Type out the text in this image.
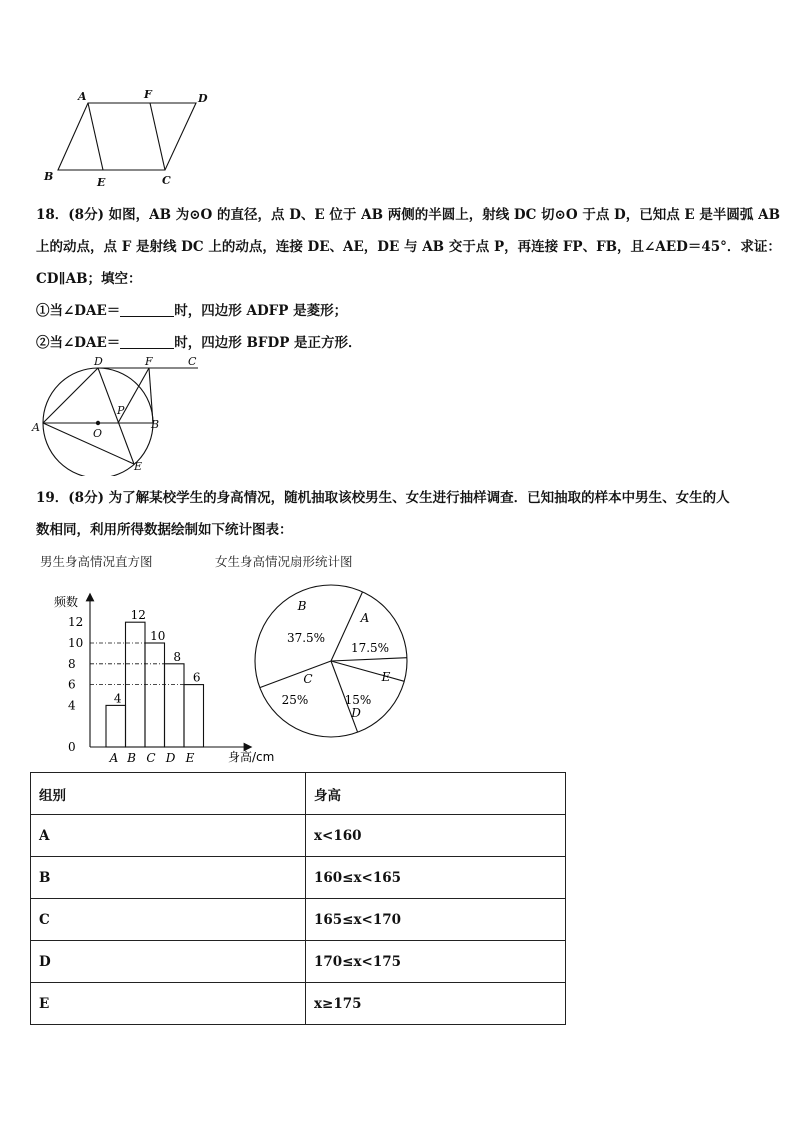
A	F	D
B	E	C
18．(8分) 如图，AB 为⊙O 的直径，点 D、E 位于 AB 两侧的半圆上，射线 DC 切⊙O 于点 D，已知点 E 是半圆弧 AB
上的动点，点 F 是射线 DC 上的动点，连接 DE、AE，DE 与 AB 交于点 P，再连接 FP、FB，且∠AED＝45°．求证：
CD∥AB；填空：
①当∠DAE＝	时，四边形 ADFP 是菱形；
②当∠DAE＝	时，四边形 BFDP 是正方形．
D	F	C
A
P
O
B
E
19．(8分) 为了解某校学生的身高情况，随机抽取该校男生、女生进行抽样调查．已知抽取的样本中男生、女生的人
数相同，利用所得数据绘制如下统计图表：
男生身高情况直方图	女生身高情况扇形统计图
频数
身高/cm
12
10
8
6
4
0
4
12
10
8
6
A B C D E
A
17.5%
B
37.5%
C
25%
D
15%
E
组别	身高
A	x<160
B	160≤x<165
C	165≤x<170
D	170≤x<175
E	x≥175
